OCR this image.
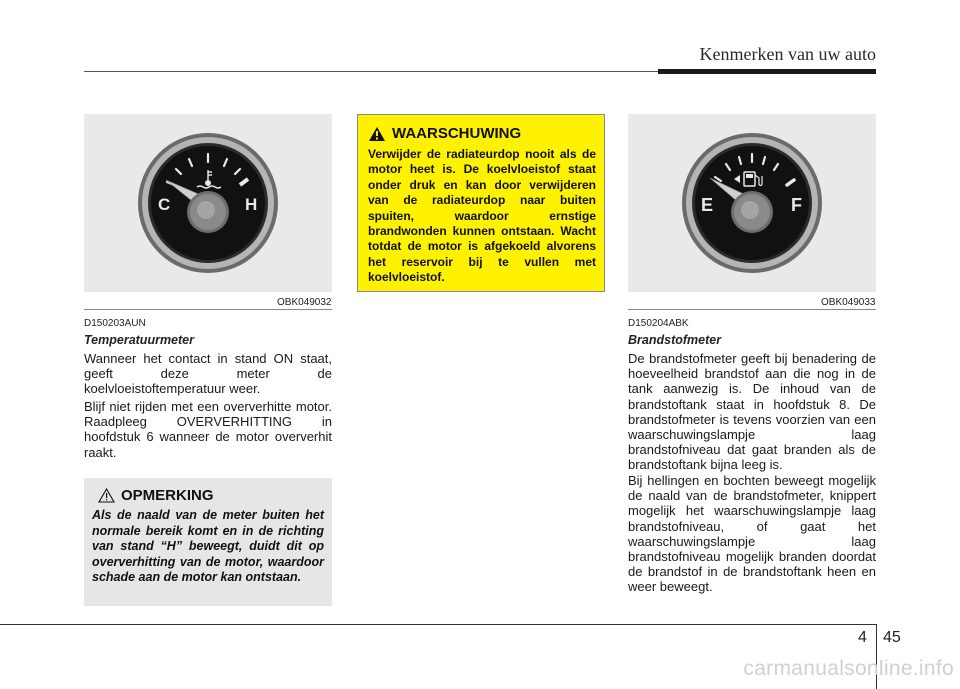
Kenmerken van uw auto
C	H
OBK049032
D150203AUN
Temperatuurmeter

Wanneer het contact in stand ON staat, geeft deze meter de koelvloeistoftemperatuur weer.

Blijf niet rijden met een oververhitte motor. Raadpleeg OVERVERHITTING in hoofdstuk 6 wanneer de motor oververhit raakt.

WAARSCHUWING

Verwijder de radiateurdop nooit als de motor heet is. De koelvloeistof staat onder druk en kan door verwijderen van de radiateurdop naar buiten spuiten, waardoor ernstige brandwonden kunnen ontstaan. Wacht totdat de motor is afgekoeld alvorens het reservoir bij te vullen met koelvloeistof.

OPMERKING

Als de naald van de meter buiten het normale bereik komt en in de richting van stand “H” beweegt, duidt dit op oververhitting van de motor, waardoor schade aan de motor kan ontstaan.

E	F
OBK049033
D150204ABK
Brandstofmeter

De brandstofmeter geeft bij benadering de hoeveelheid brandstof aan die nog in de tank aanwezig is. De inhoud van de brandstoftank staat in hoofdstuk 8. De brandstofmeter is tevens voorzien van een waarschuwingslampje laag brandstofniveau dat gaat branden als de brandstoftank bijna leeg is.

Bij hellingen en bochten beweegt mogelijk de naald van de brandstofmeter, knippert mogelijk het waarschuwingslampje laag brandstofniveau, of gaat het waarschuwingslampje laag brandstofniveau mogelijk branden doordat de brandstof in de brandstoftank heen en weer beweegt.

4 45
carmanualsonline.info
